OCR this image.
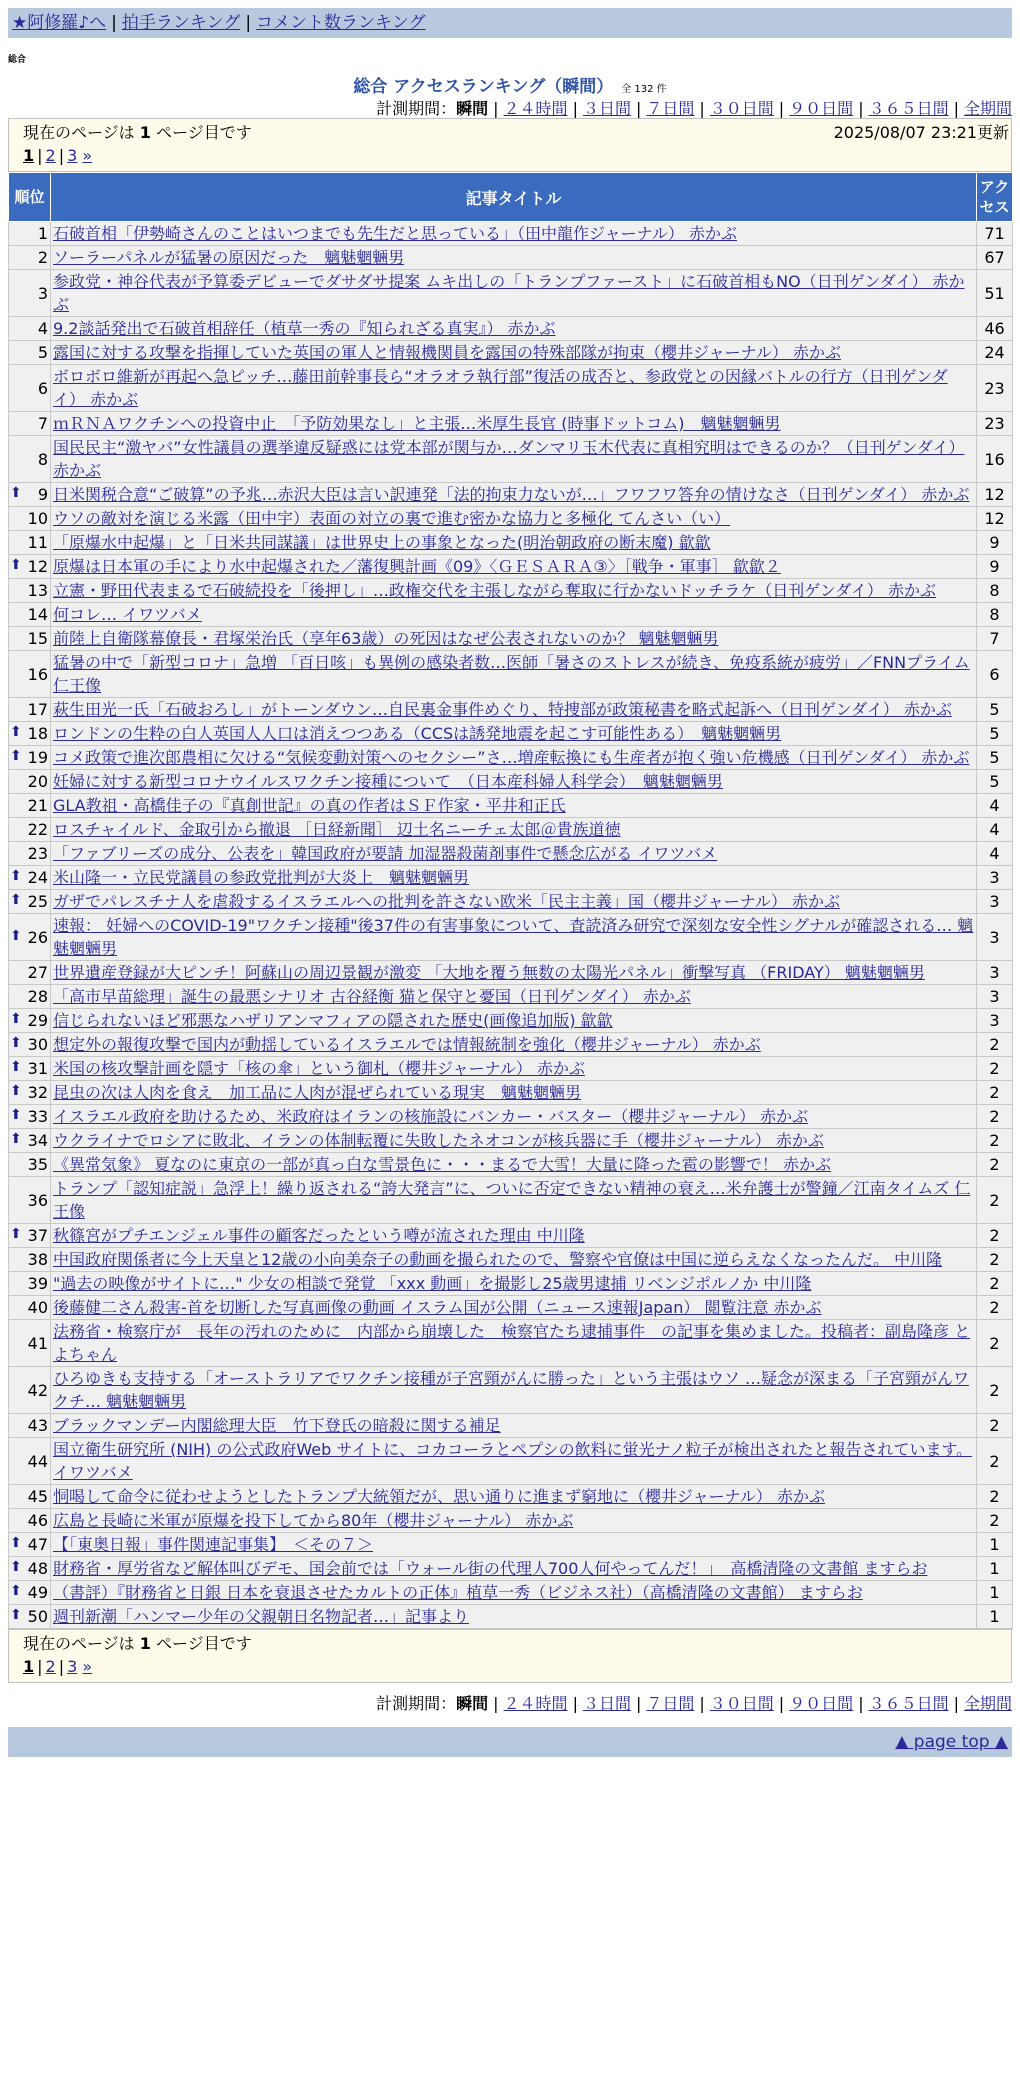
★阿修羅♪へ | 拍手ランキング | コメント数ランキング
総合
総合 アクセスランキング（瞬間） 全 132 件
計測期間：瞬間 | ２４時間 | ３日間 | ７日間 | ３０日間 | ９０日間 | ３６５日間 | 全期間
現在のページは 1 ページ目です	2025/08/07 23:21更新
1 | 2 | 3 »
順位	記事タイトル	アクセス
1	石破首相「伊勢崎さんのことはいつまでも先生だと思っている」（田中龍作ジャーナル） 赤かぶ	71
2	ソーラーパネルが猛暑の原因だった　魑魅魍魎男	67
3	参政党・神谷代表が予算委デビューでダサダサ提案 ムキ出しの「トランプファースト」に石破首相もNO（日刊ゲンダイ） 赤かぶ	51
4	9.2談話発出で石破首相辞任（植草一秀の『知られざる真実』） 赤かぶ	46
5	露国に対する攻撃を指揮していた英国の軍人と情報機関員を露国の特殊部隊が拘束（櫻井ジャーナル） 赤かぶ	24
6	ボロボロ維新が再起へ急ピッチ…藤田前幹事長ら“オラオラ執行部”復活の成否と、参政党との因縁バトルの行方（日刊ゲンダイ） 赤かぶ	23
7	ｍＲＮＡワクチンへの投資中止　「予防効果なし」と主張…米厚生長官 (時事ドットコム)　魑魅魍魎男	23
8	国民民主“激ヤバ”女性議員の選挙違反疑惑には党本部が関与か…ダンマリ玉木代表に真相究明はできるのか？（日刊ゲンダイ） 赤かぶ	16

⬆ 9	日米関税合意“ご破算”の予兆…赤沢大臣は言い訳連発「法的拘束力ないが…」フワフワ答弁の情けなさ（日刊ゲンダイ） 赤かぶ	12
10	ウソの敵対を演じる米露（田中宇）表面の対立の裏で進む密かな協力と多極化 てんさい（い）	12
11	「原爆水中起爆」と「日米共同謀議」は世界史上の事象となった(明治朝政府の断末魔) 歙歙	9

⬆ 12	原爆は日本軍の手により水中起爆された／藩復興計画《09》〈ＧＥＳＡＲＡ③〉［戦争・軍事］ 歙歙２	9
13	立憲・野田代表まるで石破続投を「後押し」…政権交代を主張しながら奪取に行かないドッチラケ（日刊ゲンダイ） 赤かぶ	8
14	何コレ… イワツバメ	8
15	前陸上自衛隊幕僚長・君塚栄治氏（享年63歳）の死因はなぜ公表されないのか？ 魑魅魍魎男	7
16	猛暑の中で「新型コロナ」急増 「百日咳」も異例の感染者数…医師「暑さのストレスが続き、免疫系統が疲労」／FNNプライム 仁王像	6
17	萩生田光一氏「石破おろし」がトーンダウン…自民裏金事件めぐり、特捜部が政策秘書を略式起訴へ（日刊ゲンダイ） 赤かぶ	5

⬆ 18	ロンドンの生粋の白人英国人人口は消えつつある（CCSは誘発地震を起こす可能性ある）　魑魅魍魎男	5

⬆ 19	コメ政策で進次郎農相に欠ける“気候変動対策へのセクシー”さ…増産転換にも生産者が抱く強い危機感（日刊ゲンダイ） 赤かぶ	5
20	妊婦に対する新型コロナウイルスワクチン接種について　（日本産科婦人科学会）　魑魅魍魎男	5
21	GLA教祖・高橋佳子の『真創世記』の真の作者はＳＦ作家・平井和正氏	4
22	ロスチャイルド、金取引から撤退 ［日経新聞］ 辺土名ニーチェ太郎＠貴族道徳	4
23	「ファブリーズの成分、公表を」韓国政府が要請 加湿器殺菌剤事件で懸念広がる イワツバメ	4

⬆ 24	米山隆一・立民党議員の参政党批判が大炎上　魑魅魍魎男	3

⬆ 25	ガザでパレスチナ人を虐殺するイスラエルへの批判を許さない欧米「民主主義」国（櫻井ジャーナル） 赤かぶ	3

⬆ 26	速報： 妊婦へのCOVID-19"ワクチン接種"後37件の有害事象について、査読済み研究で深刻な安全性シグナルが確認される… 魑魅魍魎男	3
27	世界遺産登録が大ピンチ！阿蘇山の周辺景観が激変 「大地を覆う無数の太陽光パネル」衝撃写真 （FRIDAY） 魑魅魍魎男	3
28	「高市早苗総理」誕生の最悪シナリオ 古谷経衡 猫と保守と憂国（日刊ゲンダイ） 赤かぶ	3

⬆ 29	信じられないほど邪悪なハザリアンマフィアの隠された歴史(画像追加版) 歙歙	3

⬆ 30	想定外の報復攻撃で国内が動揺しているイスラエルでは情報統制を強化（櫻井ジャーナル） 赤かぶ	2

⬆ 31	米国の核攻撃計画を隠す「核の傘」という御札（櫻井ジャーナル） 赤かぶ	2

⬆ 32	昆虫の次は人肉を食え　加工品に人肉が混ぜられている現実　魑魅魍魎男	2

⬆ 33	イスラエル政府を助けるため、米政府はイランの核施設にバンカー・バスター（櫻井ジャーナル） 赤かぶ	2

⬆ 34	ウクライナでロシアに敗北、イランの体制転覆に失敗したネオコンが核兵器に手（櫻井ジャーナル） 赤かぶ	2
35	《異常気象》 夏なのに東京の一部が真っ白な雪景色に・・・まるで大雪！大量に降った雹の影響で！ 赤かぶ	2
36	トランプ「認知症説」急浮上！繰り返される“誇大発言”に、ついに否定できない精神の衰え…米弁護士が警鐘／江南タイムズ 仁王像	2

⬆ 37	秋篠宮がプチエンジェル事件の顧客だったという噂が流された理由 中川隆	2
38	中国政府関係者に今上天皇と12歳の小向美奈子の動画を撮られたので、警察や官僚は中国に逆らえなくなったんだ。 中川隆	2
39	"過去の映像がサイトに…" 少女の相談で発覚 「xxx 動画」を撮影し25歳男逮捕 リベンジポルノか 中川隆	2
40	後藤健二さん殺害-首を切断した写真画像の動画 イスラム国が公開（ニュース速報Japan） 閲覧注意 赤かぶ	2
41	法務省・検察庁が　長年の汚れのために　内部から崩壊した　検察官たち逮捕事件　の記事を集めました。投稿者：副島隆彦 とよちゃん	2
42	ひろゆきも支持する「オーストラリアでワクチン接種が子宮頸がんに勝った」という主張はウソ …疑念が深まる「子宮頸がんワクチ… 魑魅魍魎男	2
43	ブラックマンデー内閣総理大臣　竹下登氏の暗殺に関する補足	2
44	国立衛生研究所 (NIH) の公式政府Web サイトに、コカコーラとペプシの飲料に蛍光ナノ粒子が検出されたと報告されています。 イワツバメ	2
45	恫喝して命令に従わせようとしたトランプ大統領だが、思い通りに進まず窮地に（櫻井ジャーナル） 赤かぶ	2
46	広島と長崎に米軍が原爆を投下してから80年（櫻井ジャーナル） 赤かぶ	2

⬆ 47	【「東奥日報」事件関連記事集】　＜その７＞	1

⬆ 48	財務省・厚労省など解体叫びデモ、国会前では「ウォール街の代理人700人何やってんだ！」　高橋清隆の文書館 ますらお	1

⬆ 49	（書評）『財務省と日銀 日本を衰退させたカルトの正体』植草一秀（ビジネス社）（高橋清隆の文書館） ますらお	1

⬆ 50	週刊新潮「ハンマー少年の父親朝日名物記者…」記事より	1
現在のページは 1 ページ目です
1 | 2 | 3 »
計測期間：瞬間 | ２４時間 | ３日間 | ７日間 | ３０日間 | ９０日間 | ３６５日間 | 全期間
▲ page top ▲
